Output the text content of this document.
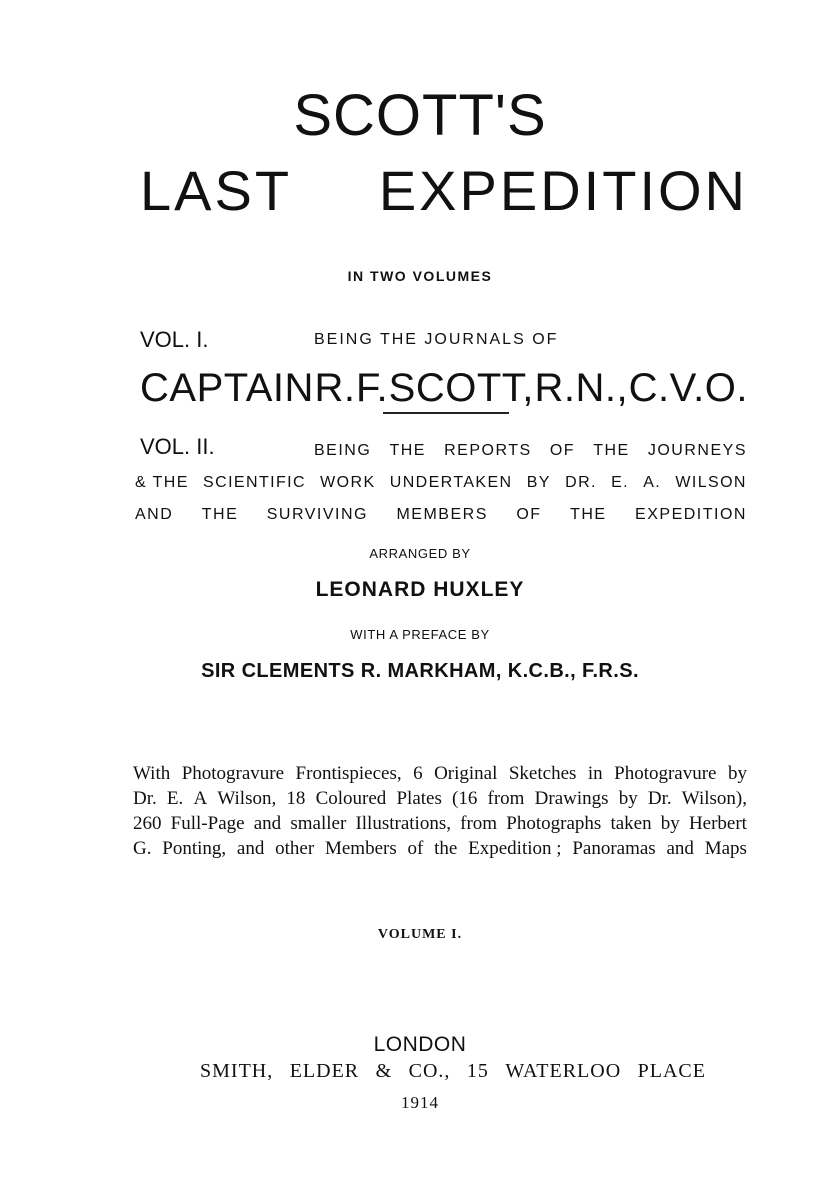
SCOTT'S
LAST EXPEDITION
IN TWO VOLUMES
VOL. I.	BEING THE JOURNALS OF
CAPTAIN R. F. SCOTT, R.N., C.V.O.
VOL. II.	BEING THE REPORTS OF THE JOURNEYS
& THE SCIENTIFIC WORK UNDERTAKEN BY DR. E. A. WILSON
AND THE SURVIVING MEMBERS OF THE EXPEDITION
ARRANGED BY
LEONARD HUXLEY
WITH A PREFACE BY
SIR CLEMENTS R. MARKHAM, K.C.B., F.R.S.
With Photogravure Frontispieces, 6 Original Sketches in Photogravure by
Dr. E. A Wilson, 18 Coloured Plates (16 from Drawings by Dr. Wilson),
260 Full-Page and smaller Illustrations, from Photographs taken by Herbert
G. Ponting, and other Members of the Expedition ; Panoramas and Maps
VOLUME I.
LONDON
SMITH, ELDER & CO., 15 WATERLOO PLACE
1914
